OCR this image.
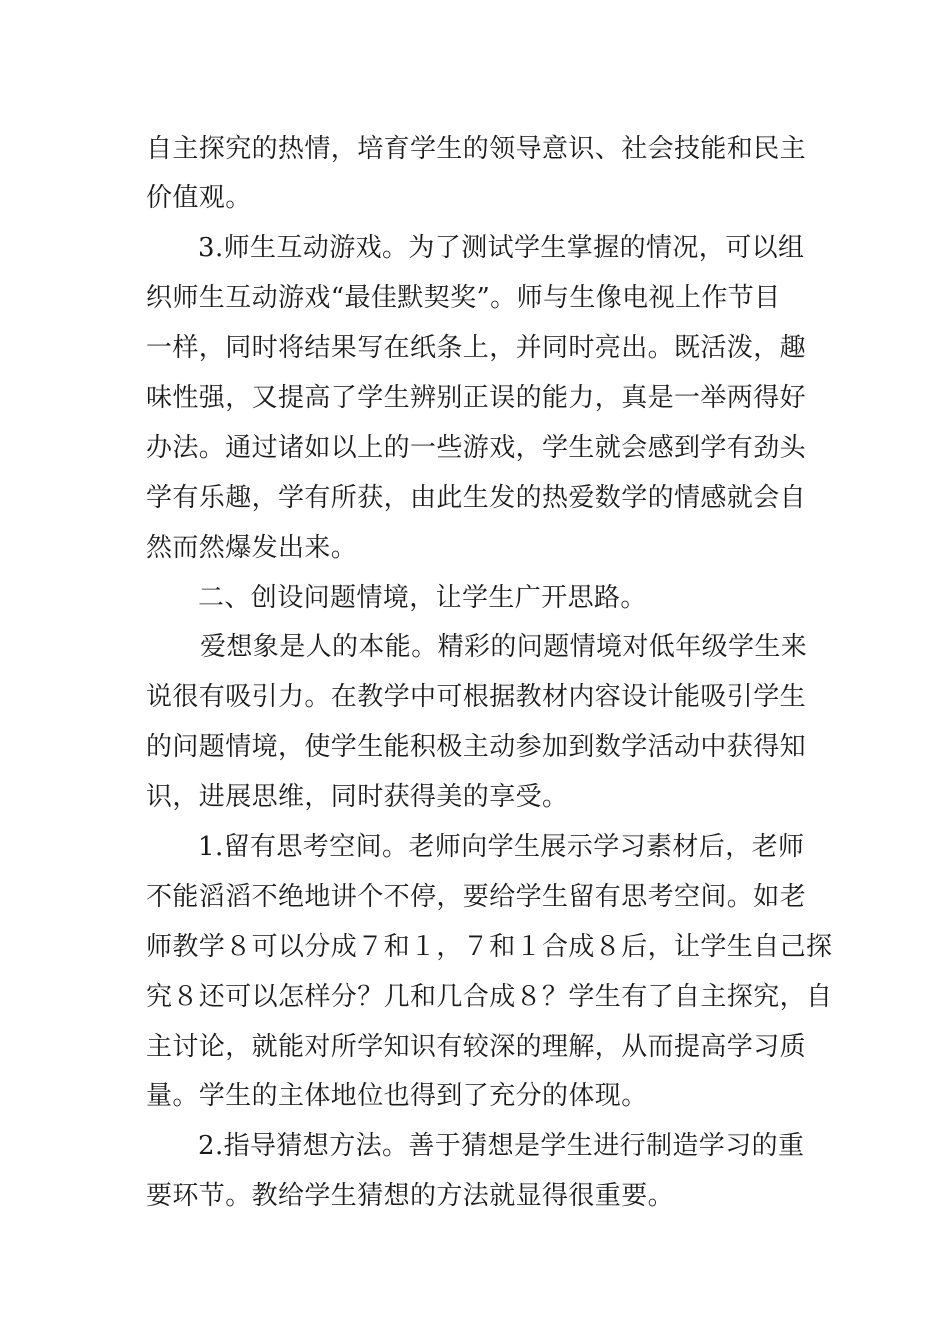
自主探究的热情，培育学生的领导意识、社会技能和民主
价值观。
3.师生互动游戏。为了测试学生掌握的情况，可以组
织师生互动游戏“最佳默契奖”。师与生像电视上作节目
一样，同时将结果写在纸条上，并同时亮出。既活泼，趣
味性强，又提高了学生辨别正误的能力，真是一举两得好
办法。通过诸如以上的一些游戏，学生就会感到学有劲头
学有乐趣，学有所获，由此生发的热爱数学的情感就会自
然而然爆发出来。
二、创设问题情境，让学生广开思路。
爱想象是人的本能。精彩的问题情境对低年级学生来
说很有吸引力。在教学中可根据教材内容设计能吸引学生
的问题情境，使学生能积极主动参加到数学活动中获得知
识，进展思维，同时获得美的享受。
1.留有思考空间。老师向学生展示学习素材后，老师
不能滔滔不绝地讲个不停，要给学生留有思考空间。如老
师教学８可以分成７和１，７和１合成８后，让学生自己探
究８还可以怎样分？几和几合成８？学生有了自主探究，自
主讨论，就能对所学知识有较深的理解，从而提高学习质
量。学生的主体地位也得到了充分的体现。
2.指导猜想方法。善于猜想是学生进行制造学习的重
要环节。教给学生猜想的方法就显得很重要。
